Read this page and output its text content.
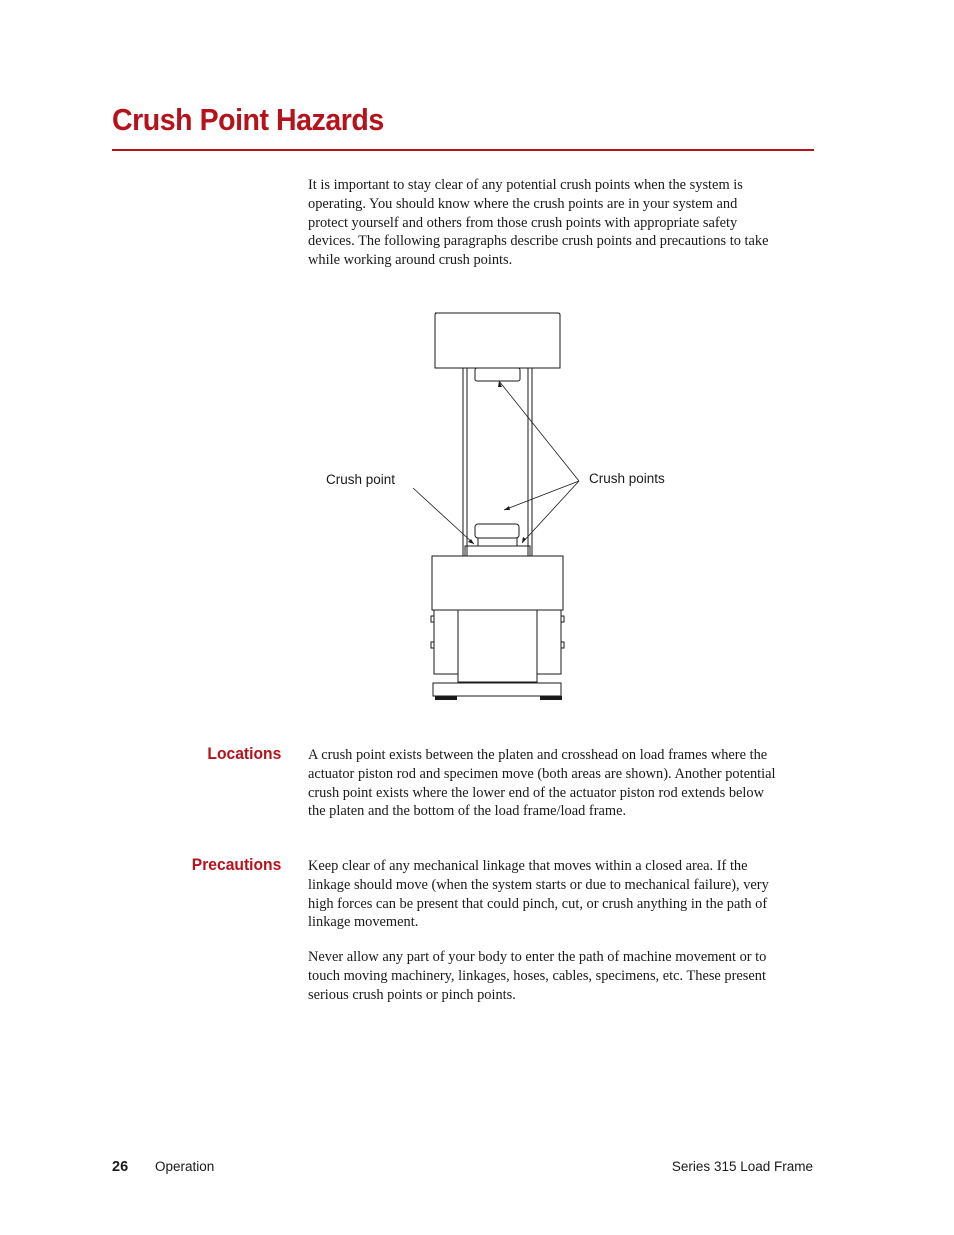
Crush Point Hazards

It is important to stay clear of any potential crush points when the system is operating. You should know where the crush points are in your system and protect yourself and others from those crush points with appropriate safety devices. The following paragraphs describe crush points and precautions to take while working around crush points.

Crush point	Crush points

Locations A crush point exists between the platen and crosshead on load frames where the actuator piston rod and specimen move (both areas are shown). Another potential crush point exists where the lower end of the actuator piston rod extends below the platen and the bottom of the load frame/load frame.

Precautions Keep clear of any mechanical linkage that moves within a closed area. If the linkage should move (when the system starts or due to mechanical failure), very high forces can be present that could pinch, cut, or crush anything in the path of linkage movement.

Never allow any part of your body to enter the path of machine movement or to touch moving machinery, linkages, hoses, cables, specimens, etc. These present serious crush points or pinch points.

26 Operation	Series 315 Load Frame
